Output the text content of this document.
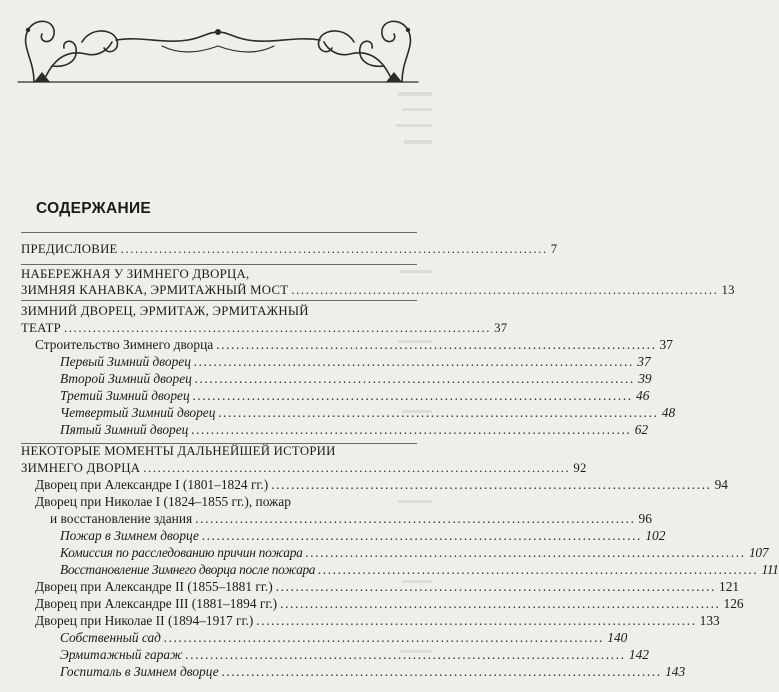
СОДЕРЖАНИЕ
ПРЕДИСЛОВИЕ ......................................................................................... 7
НАБЕРЕЖНАЯ У ЗИМНЕГО ДВОРЦА,
ЗИМНЯЯ КАНАВКА, ЭРМИТАЖНЫЙ МОСТ ......................................................................................... 13
ЗИМНИЙ ДВОРЕЦ, ЭРМИТАЖ, ЭРМИТАЖНЫЙ
ТЕАТР ......................................................................................... 37
Строительство Зимнего дворца ......................................................................................... 37
Первый Зимний дворец ......................................................................................... 37
Второй Зимний дворец ......................................................................................... 39
Третий Зимний дворец ......................................................................................... 46
Четвертый Зимний дворец ......................................................................................... 48
Пятый Зимний дворец ......................................................................................... 62
НЕКОТОРЫЕ МОМЕНТЫ ДАЛЬНЕЙШЕЙ ИСТОРИИ
ЗИМНЕГО ДВОРЦА ......................................................................................... 92
Дворец при Александре I (1801–1824 гг.) ......................................................................................... 94
Дворец при Николае I (1824–1855 гг.), пожар
и восстановление здания ......................................................................................... 96
Пожар в Зимнем дворце ......................................................................................... 102
Комиссия по расследованию причин пожара ......................................................................................... 107
Восстановление Зимнего дворца после пожара ......................................................................................... 111
Дворец при Александре II (1855–1881 гг.) ......................................................................................... 121
Дворец при Александре III (1881–1894 гг.) ......................................................................................... 126
Дворец при Николае II (1894–1917 гг.) ......................................................................................... 133
Собственный сад ......................................................................................... 140
Эрмитажный гараж ......................................................................................... 142
Госпиталь в Зимнем дворце ......................................................................................... 143
